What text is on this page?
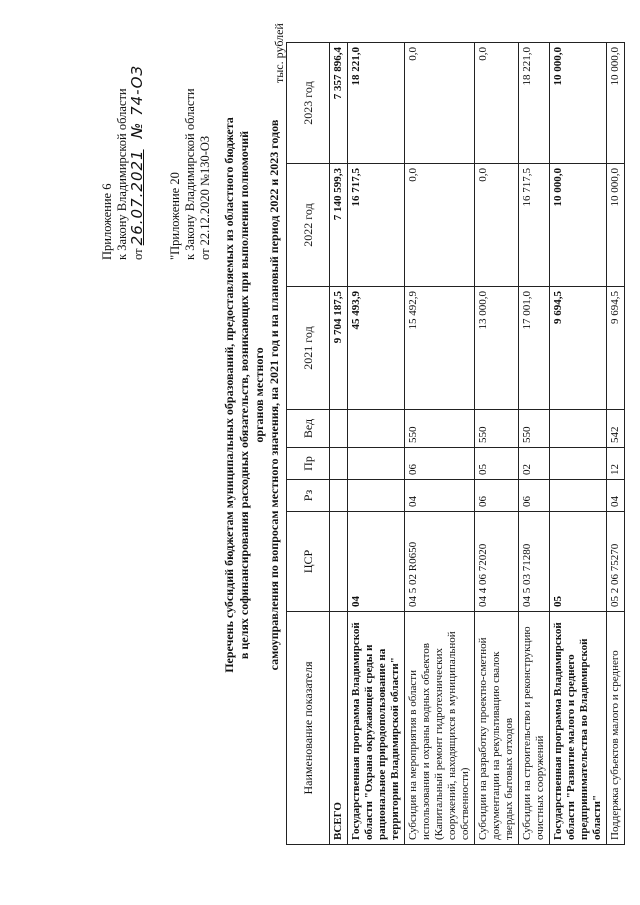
Приложение 6 к Закону Владимирской области от 26.07.2021 № 74-ОЗ
"Приложение 20 к Закону Владимирской области от 22.12.2020 №130-ОЗ Перечень субсидий бюджетам муниципальных образований, предоставляемых из областного бюджета в целях софинансирования расходных обязательств, возникающих при выполнении полномочий органов местного самоуправления по вопросам местного значения, на 2021 год и на плановый период 2022 и 2023 годов
тыс. рублей
Наименование показателя	ЦСР	Рз	Пр	Вед	2021 год	2022 год	2023 год
ВСЕГО					9 704 187,5	7 140 599,3	7 357 896,4
Государственная программа Владимирской области "Охрана окружающей среды и рациональное природопользование на территории Владимирской области"	04				45 493,9	16 717,5	18 221,0
Субсидия на мероприятия в области использования и охраны водных объектов (Капитальный ремонт гидротехнических сооружений, находящихся в муниципальной собственности)	04 5 02 R0650	04	06	550	15 492,9	0,0	0,0
Субсидии на разработку проектно-сметной документации на рекультивацию свалок твердых бытовых отходов	04 4 06 72020	06	05	550	13 000,0	0,0	0,0
Субсидии на строительство и реконструкцию очистных сооружений	04 5 03 71280	06	02	550	17 001,0	16 717,5	18 221,0
Государственная программа Владимирской области "Развитие малого и среднего предпринимательства во Владимирской области"	05				9 694,5	10 000,0	10 000,0
Поддержка субъектов малого и среднего	05 2 06 75270	04	12	542	9 694,5	10 000,0	10 000,0
